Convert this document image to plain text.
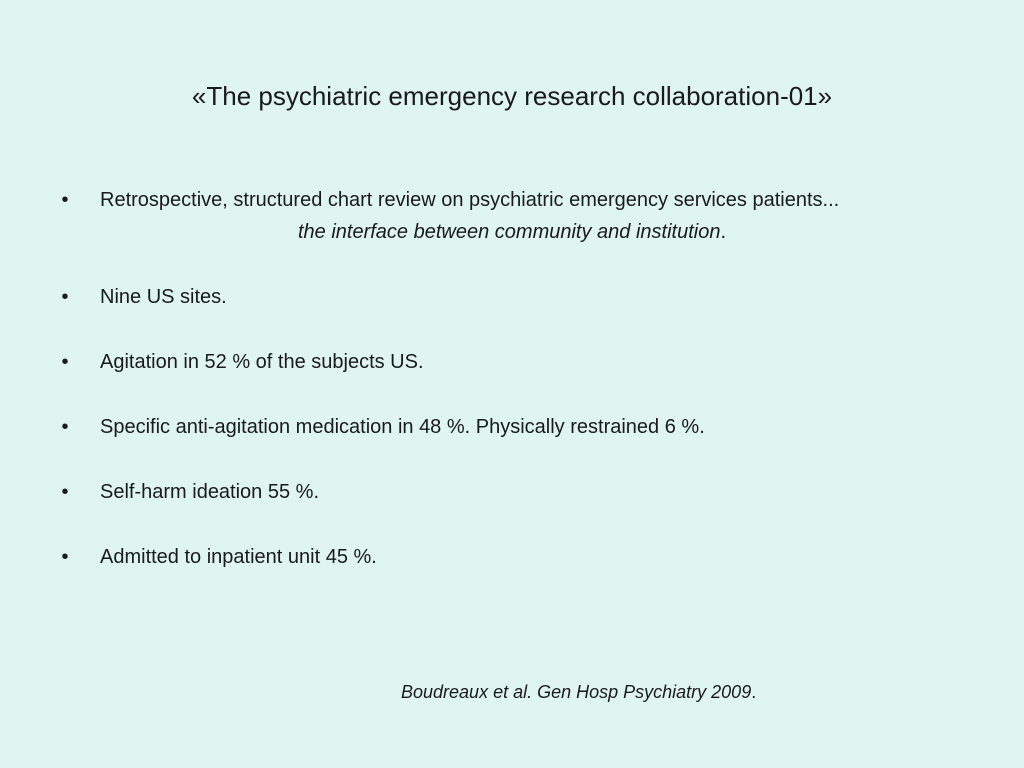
«The psychiatric emergency research collaboration-01»
• Retrospective, structured chart review on psychiatric emergency services patients...
the interface between community and institution.
• Nine US sites.
• Agitation in 52 % of the subjects US.
• Specific anti-agitation medication in 48 %. Physically restrained 6 %.
• Self-harm ideation 55 %.
• Admitted to inpatient unit 45 %.
Boudreaux et al. Gen Hosp Psychiatry 2009.
